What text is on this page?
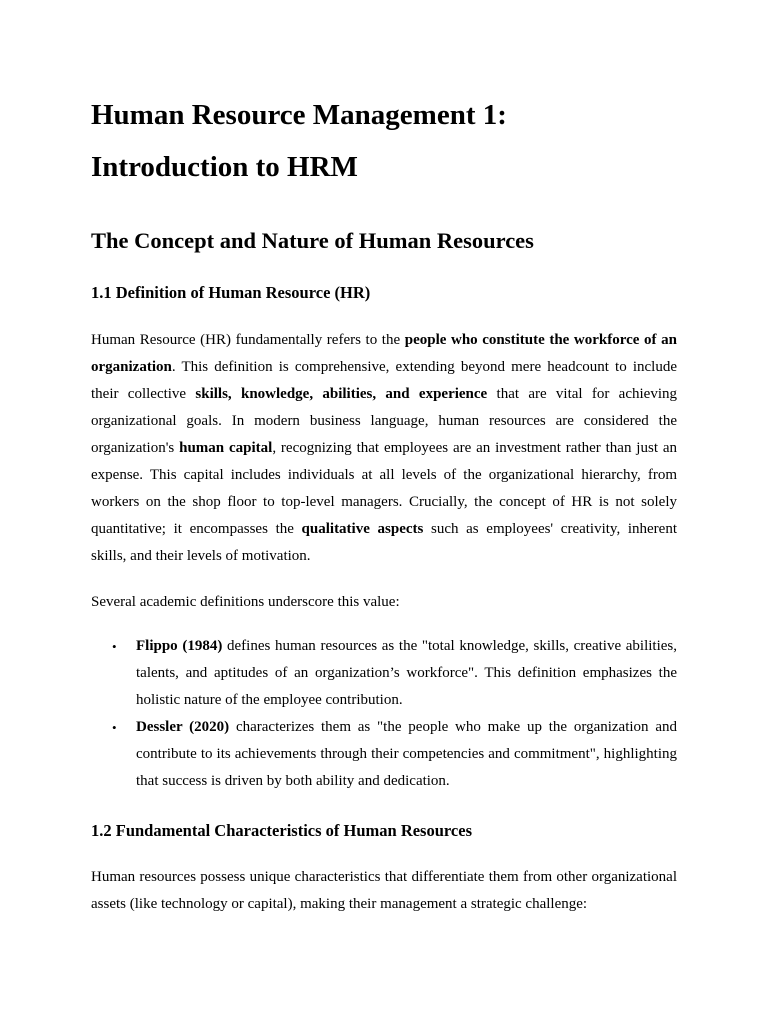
Human Resource Management 1:
Introduction to HRM
The Concept and Nature of Human Resources
1.1 Definition of Human Resource (HR)

Human Resource (HR) fundamentally refers to the people who constitute the workforce of an organization. This definition is comprehensive, extending beyond mere headcount to include their collective skills, knowledge, abilities, and experience that are vital for achieving organizational goals. In modern business language, human resources are considered the organization's human capital, recognizing that employees are an investment rather than just an expense. This capital includes individuals at all levels of the organizational hierarchy, from workers on the shop floor to top-level managers. Crucially, the concept of HR is not solely quantitative; it encompasses the qualitative aspects such as employees' creativity, inherent skills, and their levels of motivation.

Several academic definitions underscore this value:

• Flippo (1984) defines human resources as the "total knowledge, skills, creative abilities, talents, and aptitudes of an organization’s workforce". This definition emphasizes the holistic nature of the employee contribution.
• Dessler (2020) characterizes them as "the people who make up the organization and contribute to its achievements through their competencies and commitment", highlighting that success is driven by both ability and dedication.
1.2 Fundamental Characteristics of Human Resources

Human resources possess unique characteristics that differentiate them from other organizational assets (like technology or capital), making their management a strategic challenge:
